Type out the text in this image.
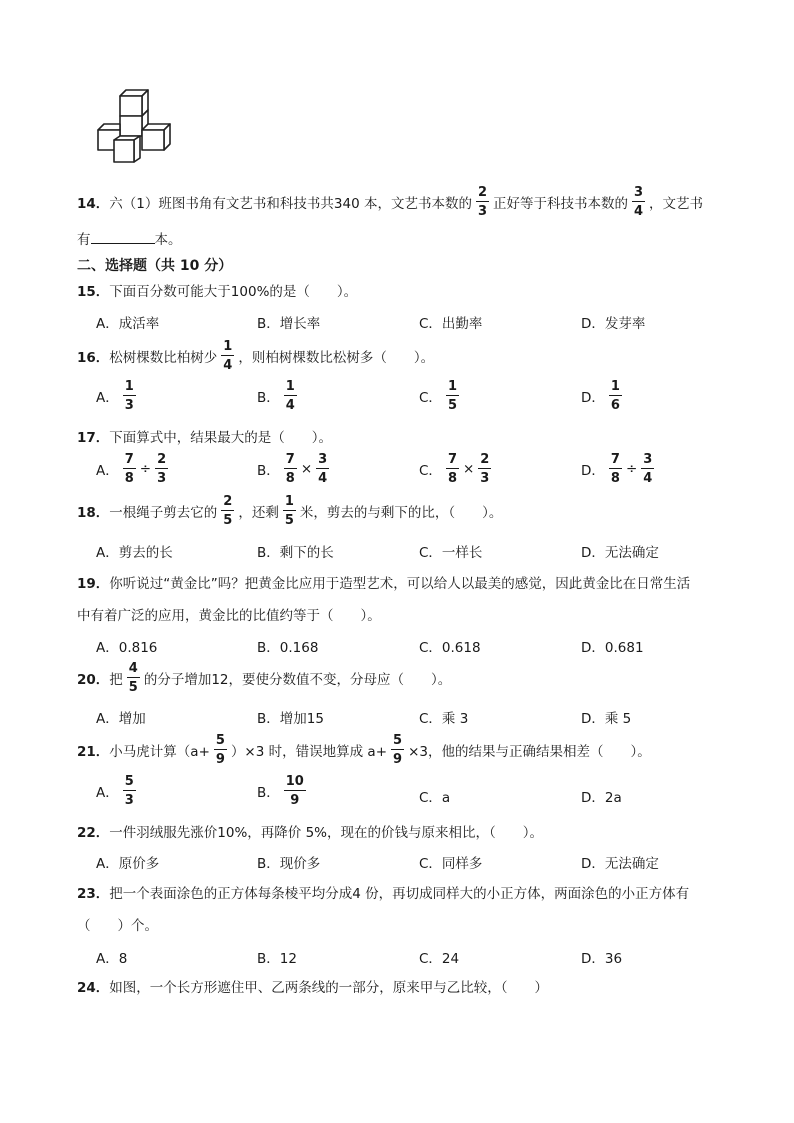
14． 六（1）班图书角有文艺书和科技书共340 本，文艺书本数的 $\frac{2}{3}$ 正好等于科技书本数的 $\frac{3}{4}$ ，文艺书
有	本。
二、选择题（共 10 分）
15．下面百分数可能大于100%的是（　　）。
A．成活率	B．增长率	C．出勤率	D．发芽率
16． 松树棵数比柏树少 $\frac{1}{4}$ ，则柏树棵数比松树多（　　）。
A． $\frac{1}{3}$	B． $\frac{1}{4}$	C． $\frac{1}{5}$	D． $\frac{1}{6}$
17．下面算式中，结果最大的是（　　）。
A． $\frac{7}{8} \div \frac{2}{3}$	B． $\frac{7}{8} \times \frac{3}{4}$	C． $\frac{7}{8} \times \frac{2}{3}$	D． $\frac{7}{8} \div \frac{3}{4}$
18． 一根绳子剪去它的 $\frac{2}{5}$ ，还剩 $\frac{1}{5}$ 米，剪去的与剩下的比，（　　）。
A．剪去的长	B．剩下的长	C．一样长	D．无法确定
19．你听说过“黄金比”吗？把黄金比应用于造型艺术，可以给人以最美的感觉，因此黄金比在日常生活
中有着广泛的应用，黄金比的比值约等于（　　）。
A．0.816	B．0.168	C．0.618	D．0.681
20． 把 $\frac{4}{5}$ 的分子增加12，要使分数值不变，分母应（　　）。
A．增加	B．增加15	C．乘 3	D．乘 5
21． 小马虎计算$(a+ \frac{5}{9} )\times 3$ 时，错误地算成 $a+ \frac{5}{9} \times 3$，他的结果与正确结果相差（　　）。
A． $\frac{5}{3}$	B． $\frac{10}{9}$	C．a	D．2a
22．一件羽绒服先涨价10%，再降价 5%，现在的价钱与原来相比，（　　）。
A．原价多	B．现价多	C．同样多	D．无法确定
23．把一个表面涂色的正方体每条棱平均分成4 份，再切成同样大的小正方体，两面涂色的小正方体有
（　　）个。
A．8	B．12	C．24	D．36
24．如图，一个长方形遮住甲、乙两条线的一部分，原来甲与乙比较，（　　）
